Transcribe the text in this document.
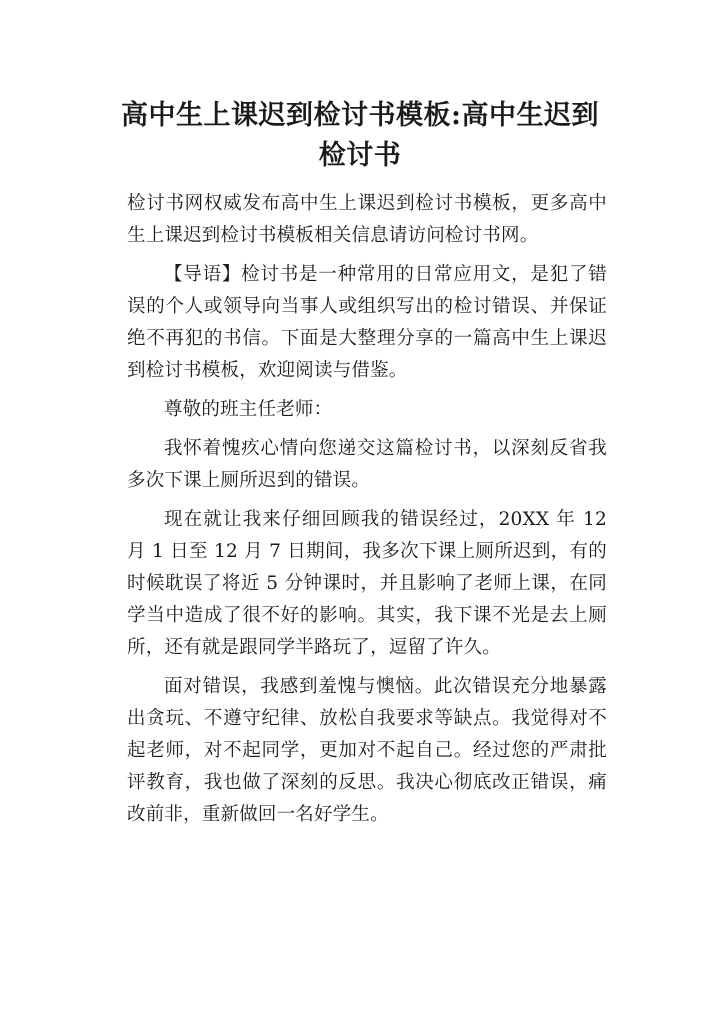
高中生上课迟到检讨书模板:高中生迟到检讨书

检讨书网权威发布高中生上课迟到检讨书模板，更多高中生上课迟到检讨书模板相关信息请访问检讨书网。

【导语】检讨书是一种常用的日常应用文，是犯了错误的个人或领导向当事人或组织写出的检讨错误、并保证绝不再犯的书信。下面是大整理分享的一篇高中生上课迟到检讨书模板，欢迎阅读与借鉴。

尊敬的班主任老师：

我怀着愧疚心情向您递交这篇检讨书，以深刻反省我多次下课上厕所迟到的错误。

现在就让我来仔细回顾我的错误经过，20XX 年 12 月 1 日至 12 月 7 日期间，我多次下课上厕所迟到，有的时候耽误了将近 5 分钟课时，并且影响了老师上课，在同学当中造成了很不好的影响。其实，我下课不光是去上厕所，还有就是跟同学半路玩了，逗留了许久。

面对错误，我感到羞愧与懊恼。此次错误充分地暴露出贪玩、不遵守纪律、放松自我要求等缺点。我觉得对不起老师，对不起同学，更加对不起自己。经过您的严肃批评教育，我也做了深刻的反思。我决心彻底改正错误，痛改前非，重新做回一名好学生。
